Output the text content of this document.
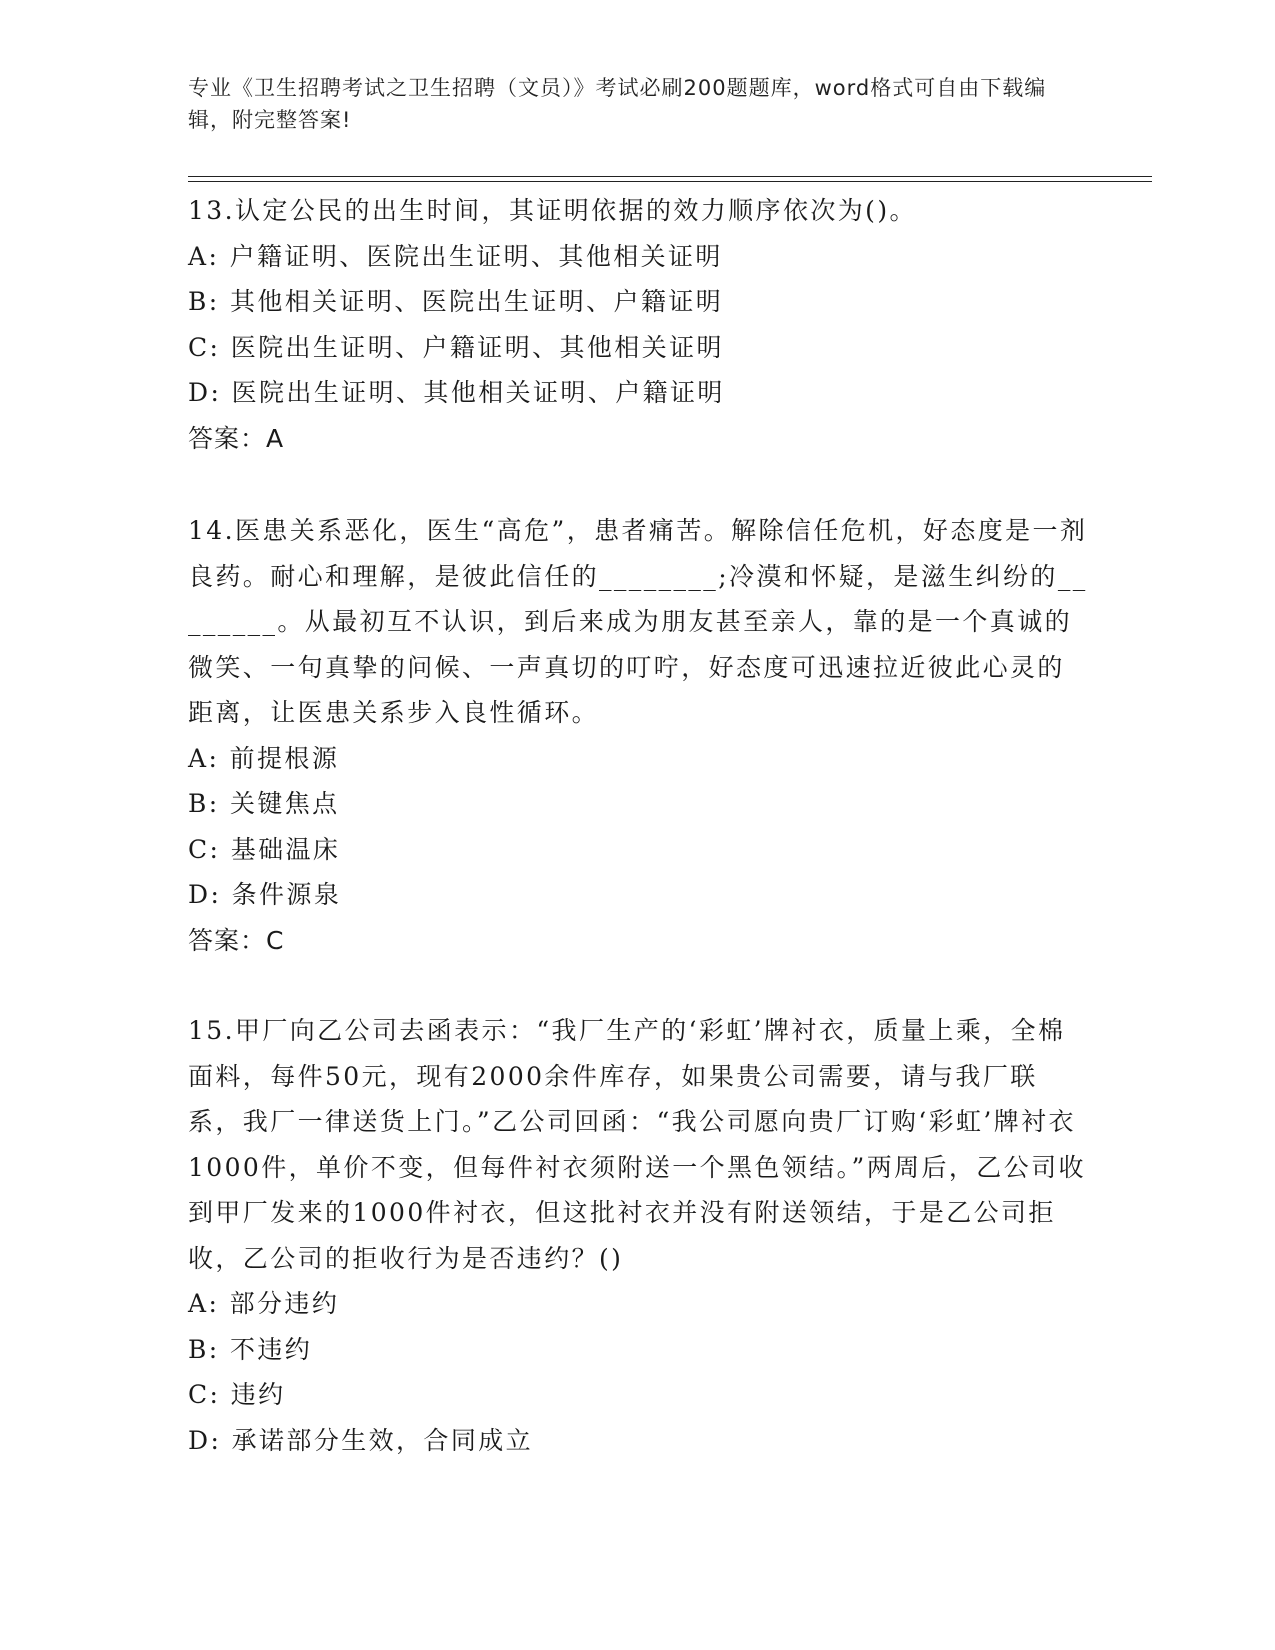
专业《卫生招聘考试之卫生招聘（文员）》考试必刷200题题库，word格式可自由下载编辑，附完整答案!

13.认定公民的出生时间，其证明依据的效力顺序依次为()。

A: 户籍证明、医院出生证明、其他相关证明

B: 其他相关证明、医院出生证明、户籍证明

C: 医院出生证明、户籍证明、其他相关证明

D: 医院出生证明、其他相关证明、户籍证明

答案：A

14.医患关系恶化，医生“高危”，患者痛苦。解除信任危机，好态度是一剂良药。耐心和理解，是彼此信任的________;冷漠和怀疑，是滋生纠纷的________。从最初互不认识，到后来成为朋友甚至亲人，靠的是一个真诚的微笑、一句真挚的问候、一声真切的叮咛，好态度可迅速拉近彼此心灵的距离，让医患关系步入良性循环。

A: 前提根源

B: 关键焦点

C: 基础温床

D: 条件源泉

答案：C

15.甲厂向乙公司去函表示：“我厂生产的‘彩虹’牌衬衣，质量上乘，全棉面料，每件50元，现有2000余件库存，如果贵公司需要，请与我厂联系，我厂一律送货上门。”乙公司回函：“我公司愿向贵厂订购‘彩虹’牌衬衣1000件，单价不变，但每件衬衣须附送一个黑色领结。”两周后，乙公司收到甲厂发来的1000件衬衣，但这批衬衣并没有附送领结，于是乙公司拒收，乙公司的拒收行为是否违约？()

A: 部分违约

B: 不违约

C: 违约

D: 承诺部分生效，合同成立
